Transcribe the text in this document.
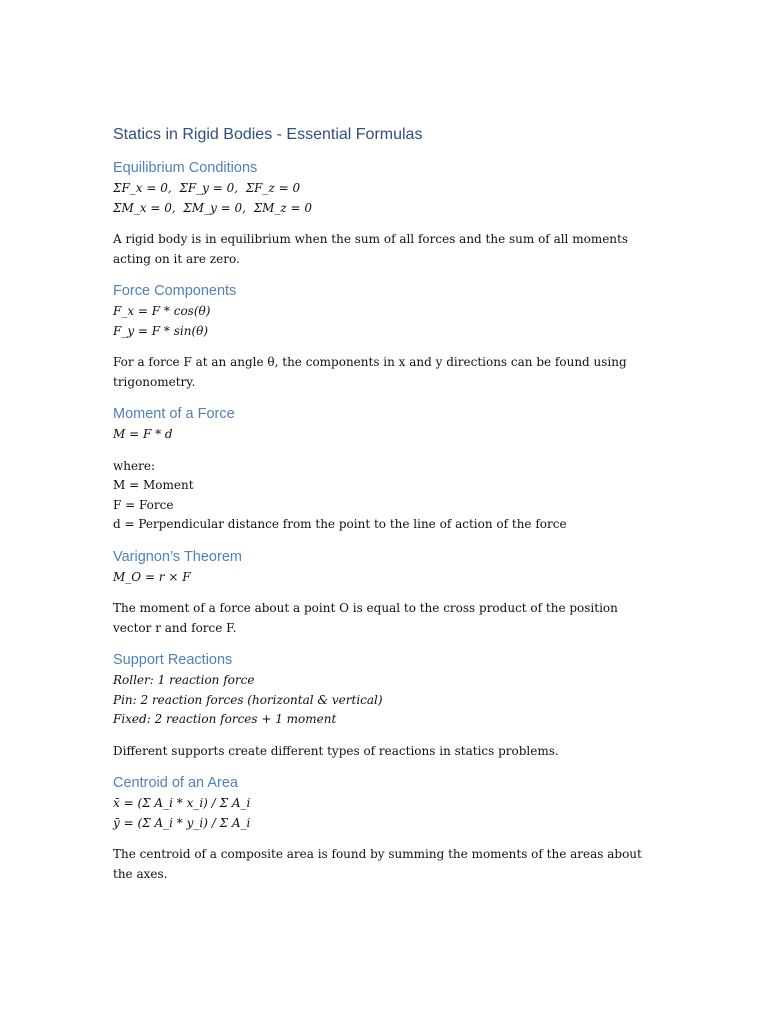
Statics in Rigid Bodies - Essential Formulas
Equilibrium Conditions

ΣF_x = 0,  ΣF_y = 0,  ΣF_z = 0

ΣM_x = 0,  ΣM_y = 0,  ΣM_z = 0

A rigid body is in equilibrium when the sum of all forces and the sum of all moments acting on it are zero.

Force Components

F_x = F * cos(θ)

F_y = F * sin(θ)

For a force F at an angle θ, the components in x and y directions can be found using trigonometry.

Moment of a Force

M = F * d

where:

M = Moment

F = Force

d = Perpendicular distance from the point to the line of action of the force

Varignon’s Theorem

M_O = r × F

The moment of a force about a point O is equal to the cross product of the position vector r and force F.

Support Reactions

Roller: 1 reaction force

Pin: 2 reaction forces (horizontal & vertical)

Fixed: 2 reaction forces + 1 moment

Different supports create different types of reactions in statics problems.

Centroid of an Area

x̄ = (Σ A_i * x_i) / Σ A_i

ȳ = (Σ A_i * y_i) / Σ A_i

The centroid of a composite area is found by summing the moments of the areas about the axes.
